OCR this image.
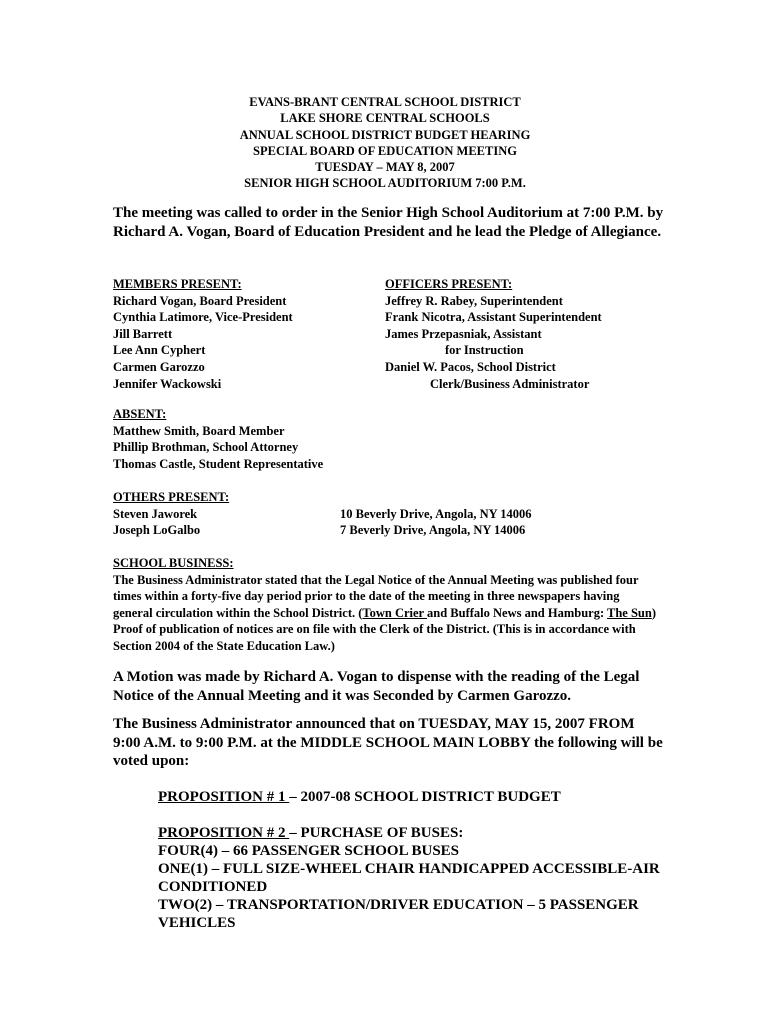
EVANS-BRANT CENTRAL SCHOOL DISTRICT
LAKE SHORE CENTRAL SCHOOLS
ANNUAL SCHOOL DISTRICT BUDGET HEARING
SPECIAL BOARD OF EDUCATION MEETING
TUESDAY – MAY 8, 2007
SENIOR HIGH SCHOOL AUDITORIUM 7:00 P.M.
The meeting was called to order in the Senior High School Auditorium at 7:00 P.M. by Richard A. Vogan, Board of Education President and he lead the Pledge of Allegiance.
MEMBERS PRESENT:
Richard Vogan, Board President
Cynthia Latimore, Vice-President
Jill Barrett
Lee Ann Cyphert
Carmen Garozzo
Jennifer Wackowski
OFFICERS PRESENT:
Jeffrey R. Rabey, Superintendent
Frank Nicotra, Assistant Superintendent
James Przepasniak, Assistant
for Instruction
Daniel W. Pacos, School District
Clerk/Business Administrator
ABSENT:
Matthew Smith, Board Member
Phillip Brothman, School Attorney
Thomas Castle, Student Representative
OTHERS PRESENT:
Steven Jaworek
Joseph LoGalbo
10 Beverly Drive, Angola, NY 14006
7 Beverly Drive, Angola, NY 14006
SCHOOL BUSINESS:
The Business Administrator stated that the Legal Notice of the Annual Meeting was published four times within a forty-five day period prior to the date of the meeting in three newspapers having general circulation within the School District. (Town Crier and Buffalo News and Hamburg: The Sun) Proof of publication of notices are on file with the Clerk of the District. (This is in accordance with Section 2004 of the State Education Law.)
A Motion was made by Richard A. Vogan to dispense with the reading of the Legal Notice of the Annual Meeting and it was Seconded by Carmen Garozzo.
The Business Administrator announced that on TUESDAY, MAY 15, 2007 FROM 9:00 A.M. to 9:00 P.M. at the MIDDLE SCHOOL MAIN LOBBY the following will be voted upon:
PROPOSITION # 1 – 2007-08 SCHOOL DISTRICT BUDGET
PROPOSITION # 2 – PURCHASE OF BUSES:
FOUR(4) – 66 PASSENGER SCHOOL BUSES
ONE(1) – FULL SIZE-WHEEL CHAIR HANDICAPPED ACCESSIBLE-AIR CONDITIONED
TWO(2) – TRANSPORTATION/DRIVER EDUCATION – 5 PASSENGER VEHICLES
